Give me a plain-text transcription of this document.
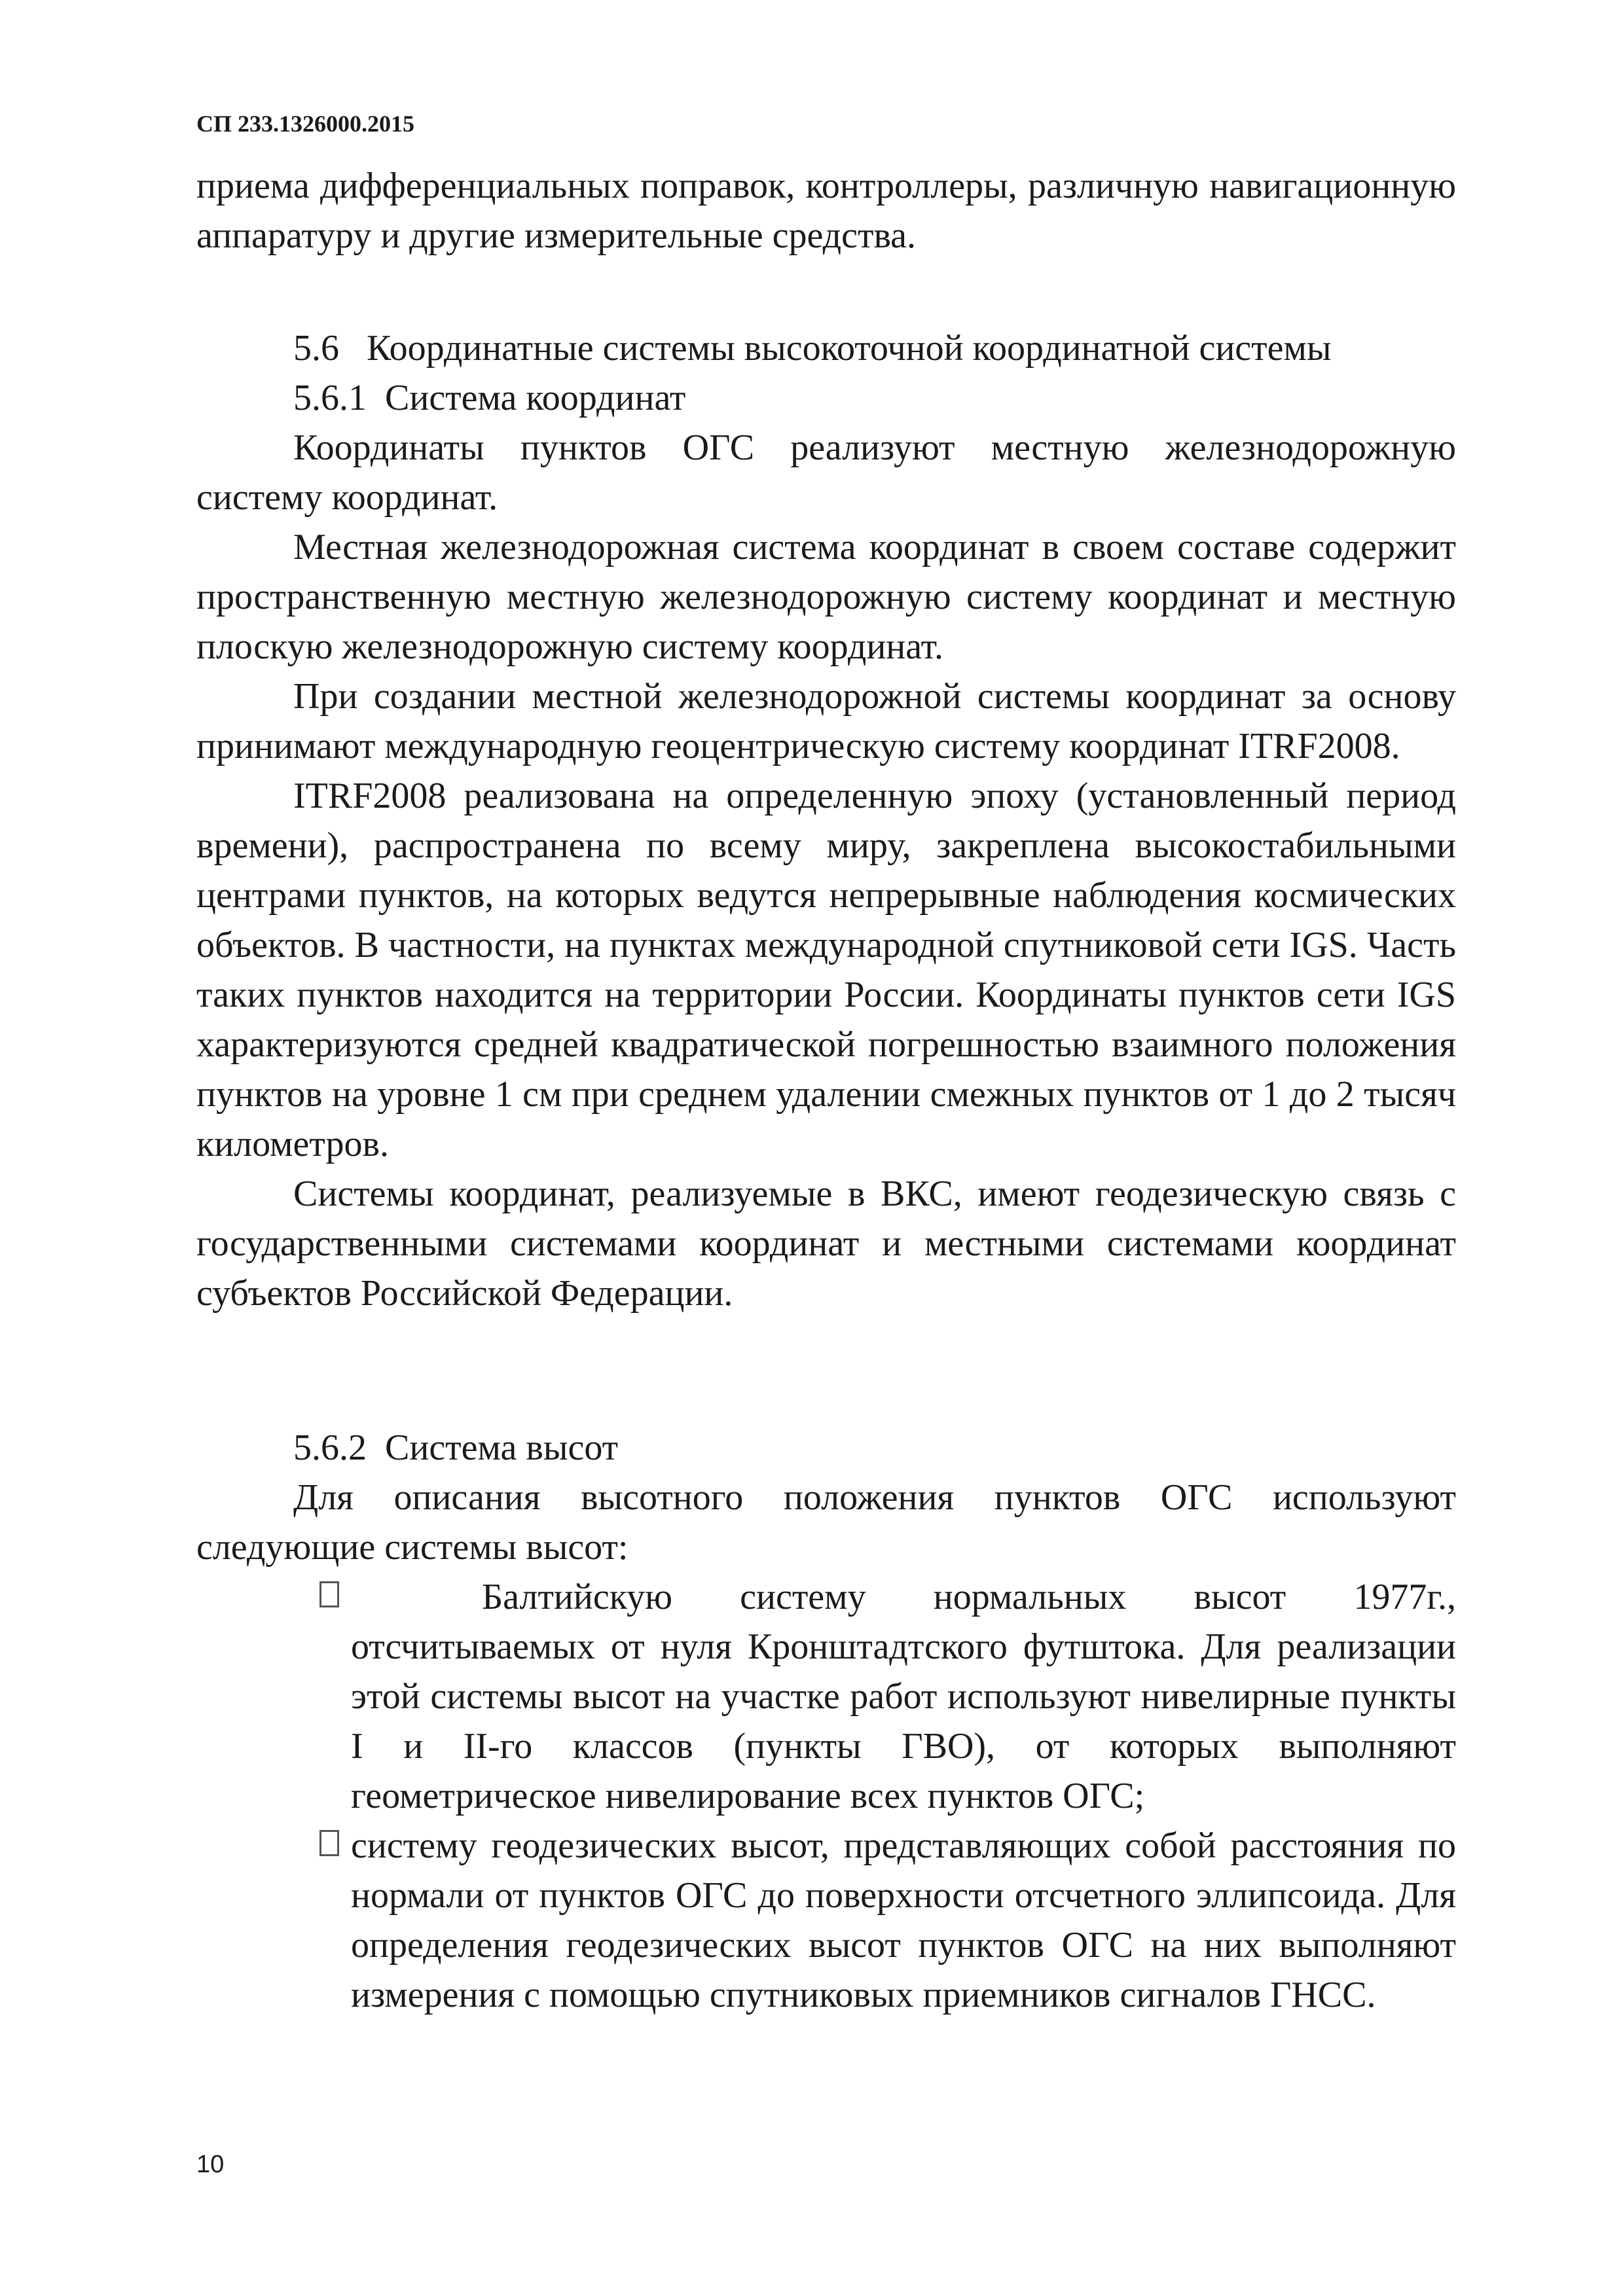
СП 233.1326000.2015

приема дифференциальных поправок, контроллеры, различную навигационную аппаратуру и другие измерительные средства.

5.6   Координатные системы высокоточной координатной системы

5.6.1  Система координат

Координаты пунктов ОГС реализуют местную железнодорожную систему координат.

Местная железнодорожная система координат в своем составе содержит пространственную местную железнодорожную систему координат и местную плоскую железнодорожную систему координат.

При создании местной железнодорожной системы координат за основу принимают международную геоцентрическую систему координат ITRF2008.

ITRF2008 реализована на определенную эпоху (установленный период времени), распространена по всему миру, закреплена высокостабильными центрами пунктов, на которых ведутся непрерывные наблюдения космических объектов. В частности, на пунктах международной спутниковой сети IGS. Часть таких пунктов находится на территории России. Координаты пунктов сети IGS характеризуются средней квадратической погрешностью взаимного положения пунктов на уровне 1 см при среднем удалении смежных пунктов от 1 до 2 тысяч километров.

Системы координат, реализуемые в ВКС, имеют геодезическую связь с государственными системами координат и местными системами координат субъектов Российской Федерации.

5.6.2  Система высот

Для описания высотного положения пунктов ОГС используют следующие системы высот:

Балтийскую систему нормальных высот 1977г., отсчитываемых от нуля Кронштадтского футштока. Для реализации этой системы высот на участке работ используют нивелирные пункты I и II-го классов (пункты ГВО), от которых выполняют геометрическое нивелирование всех пунктов ОГС;
систему геодезических высот, представляющих собой расстояния по нормали от пунктов ОГС до поверхности отсчетного эллипсоида. Для определения геодезических высот пунктов ОГС на них выполняют измерения с помощью спутниковых приемников сигналов ГНСС.
10
